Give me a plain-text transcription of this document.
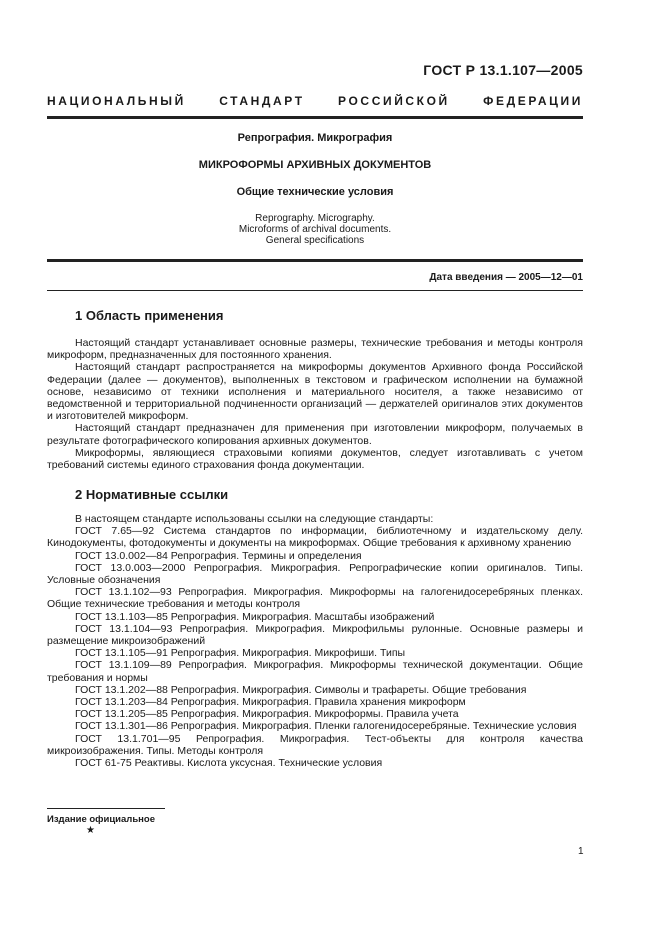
ГОСТ Р 13.1.107—2005
НАЦИОНАЛЬНЫЙ СТАНДАРТ РОССИЙСКОЙ ФЕДЕРАЦИИ
Репрография. Микрография
МИКРОФОРМЫ АРХИВНЫХ ДОКУМЕНТОВ
Общие технические условия
Reprography. Micrography.
Microforms of archival documents.
General specifications
Дата введения — 2005—12—01
1 Область применения

Настоящий стандарт устанавливает основные размеры, технические требования и методы контроля микроформ, предназначенных для постоянного хранения.

Настоящий стандарт распространяется на микроформы документов Архивного фонда Российской Федерации (далее — документов), выполненных в текстовом и графическом исполнении на бумажной основе, независимо от техники исполнения и материального носителя, а также независимо от ведомственной и территориальной подчиненности организаций — держателей оригиналов этих документов и изготовителей микроформ.

Настоящий стандарт предназначен для применения при изготовлении микроформ, получаемых в результате фотографического копирования архивных документов.

Микроформы, являющиеся страховыми копиями документов, следует изготавливать с учетом требований системы единого страхования фонда документации.

2 Нормативные ссылки

В настоящем стандарте использованы ссылки на следующие стандарты:

ГОСТ 7.65—92 Система стандартов по информации, библиотечному и издательскому делу. Кинодокументы, фотодокументы и документы на микроформах. Общие требования к архивному хранению

ГОСТ 13.0.002—84 Репрография. Термины и определения

ГОСТ 13.0.003—2000 Репрография. Микрография. Репрографические копии оригиналов. Типы. Условные обозначения

ГОСТ 13.1.102—93 Репрография. Микрография. Микроформы на галогенидосеребряных пленках. Общие технические требования и методы контроля

ГОСТ 13.1.103—85 Репрография. Микрография. Масштабы изображений

ГОСТ 13.1.104—93 Репрография. Микрография. Микрофильмы рулонные. Основные размеры и размещение микроизображений

ГОСТ 13.1.105—91 Репрография. Микрография. Микрофиши. Типы

ГОСТ 13.1.109—89 Репрография. Микрография. Микроформы технической документации. Общие требования и нормы

ГОСТ 13.1.202—88 Репрография. Микрография. Символы и трафареты. Общие требования

ГОСТ 13.1.203—84 Репрография. Микрография. Правила хранения микроформ

ГОСТ 13.1.205—85 Репрография. Микрография. Микроформы. Правила учета

ГОСТ 13.1.301—86 Репрография. Микрография. Пленки галогенидосеребряные. Технические условия

ГОСТ 13.1.701—95 Репрография. Микрография. Тест-объекты для контроля качества микроизображения. Типы. Методы контроля

ГОСТ 61-75 Реактивы. Кислота уксусная. Технические условия

Издание официальное
★
1
